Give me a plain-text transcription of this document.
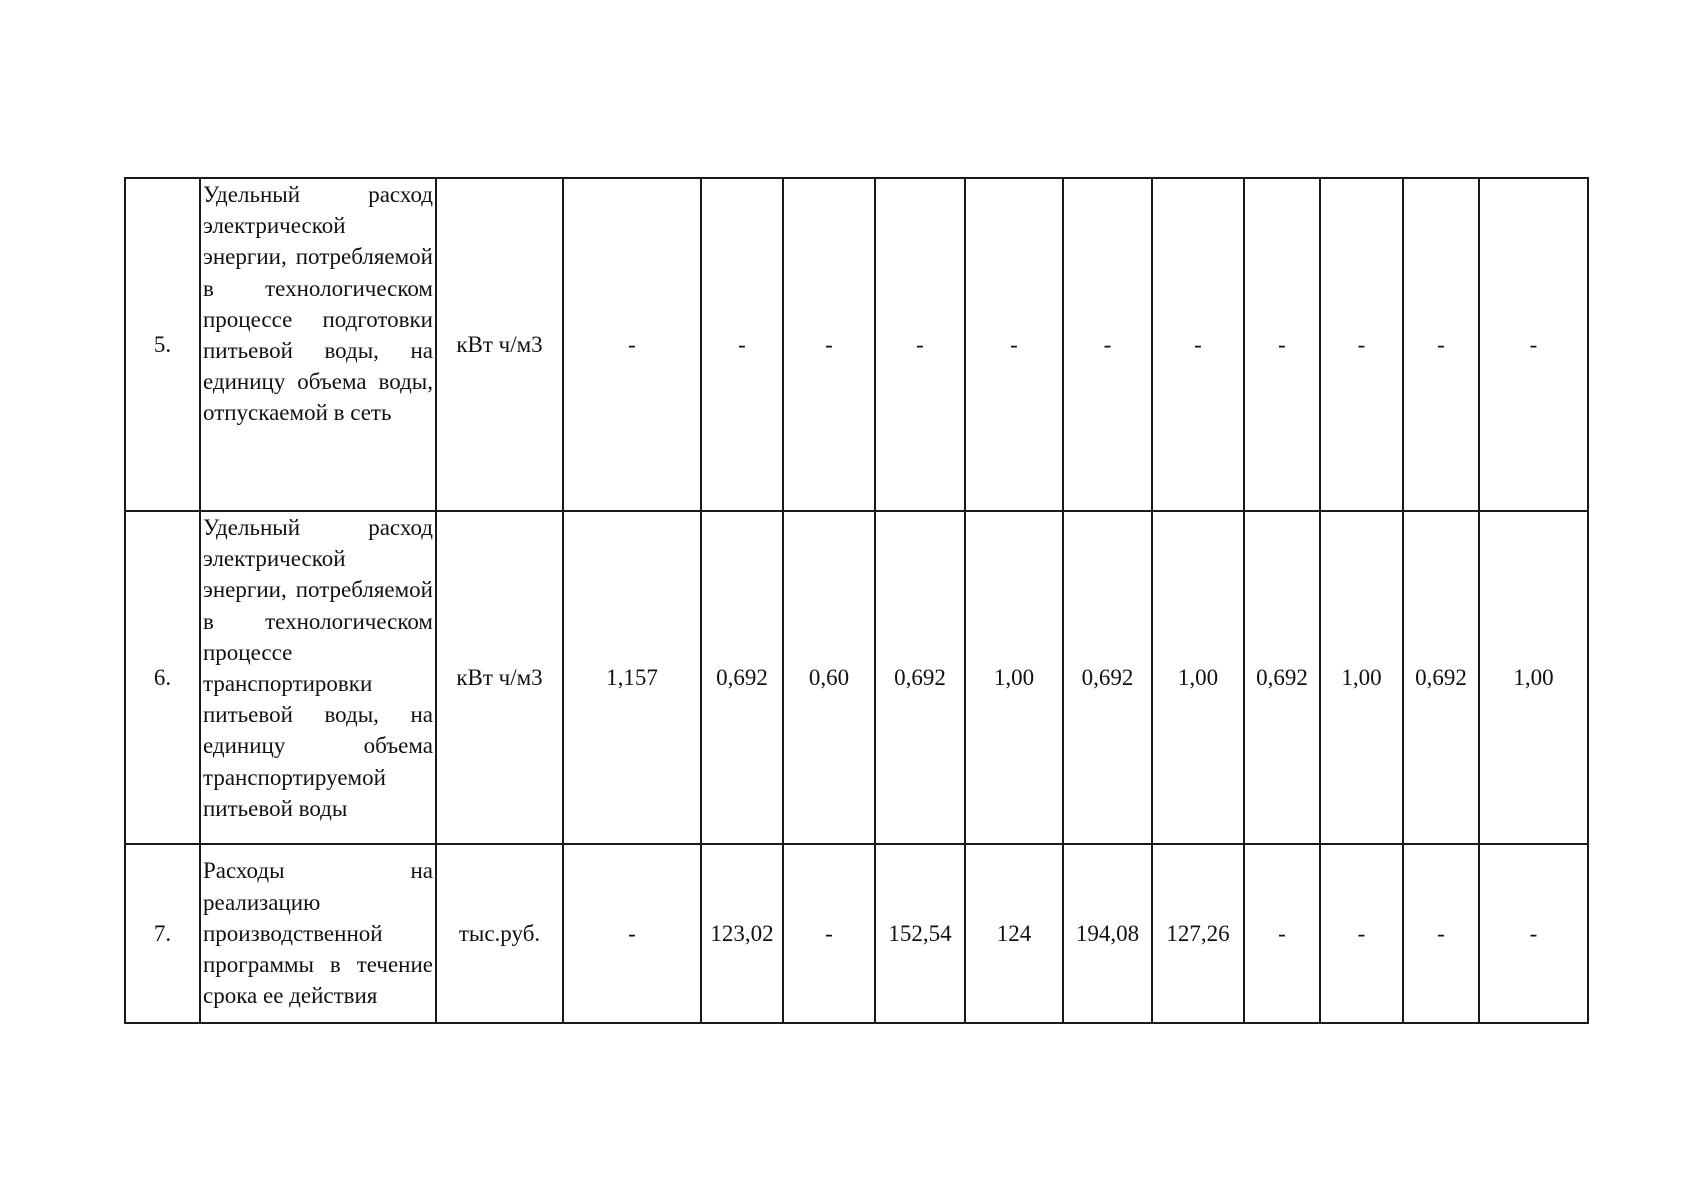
5.	Удельный расход электрической энергии, потребляемой в технологическом процессе подготовки питьевой воды, на единицу объема воды, отпускаемой в сеть	кВт ч/м3	-	-	-	-	-	-	-	-	-	-	-
6.	Удельный расход электрической энергии, потребляемой в технологическом процессе транспортировки питьевой воды, на единицу объема транспортируемой питьевой воды	кВт ч/м3	1,157	0,692	0,60	0,692	1,00	0,692	1,00	0,692	1,00	0,692	1,00
7.	Расходы на реализацию производственной программы в течение срока ее действия	тыс.руб.	-	123,02	-	152,54	124	194,08	127,26	-	-	-	-
